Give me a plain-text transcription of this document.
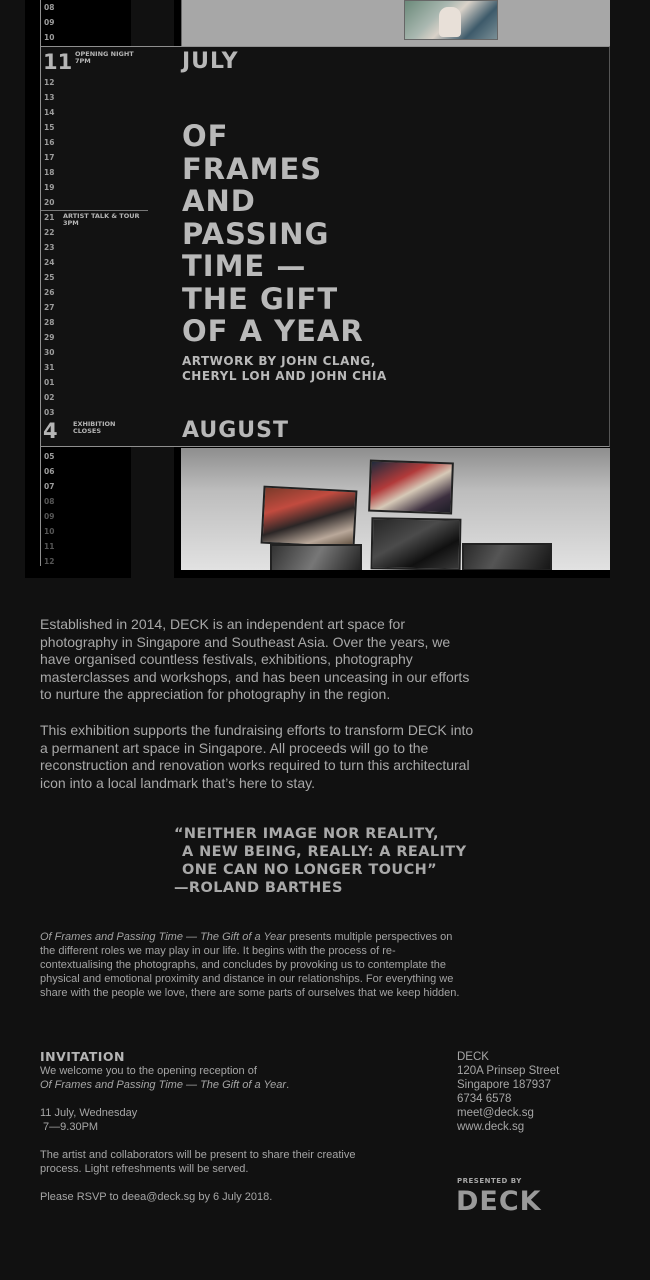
08
09
10
12
13
14
15
16
17
18
19
20
21
22
23
24
25
26
27
28
29
30
31
01
02
03
05
06
07
08
09
10
11
12
11 OPENING NIGHT
7PM
ARTIST TALK & TOUR
3PM
4 EXHIBITION
CLOSES
JULY
OF
FRAMES
AND
PASSING
TIME —
THE GIFT
OF A YEAR
ARTWORK BY JOHN CLANG,
CHERYL LOH AND JOHN CHIA
AUGUST

Established in 2014, DECK is an independent art space for photography in Singapore and Southeast Asia. Over the years, we have organised countless festivals, exhibitions, photography masterclasses and workshops, and has been unceasing in our efforts to nurture the appreciation for photography in the region.

This exhibition supports the fundraising efforts to transform DECK into a permanent art space in Singapore. All proceeds will go to the reconstruction and renovation works required to turn this architectural icon into a local landmark that’s here to stay.

“NEITHER IMAGE NOR REALITY,
A NEW BEING, REALLY: A REALITY
ONE CAN NO LONGER TOUCH”
—ROLAND BARTHES

Of Frames and Passing Time — The Gift of a Year presents multiple perspectives on the different roles we may play in our life. It begins with the process of re-contextualising the photographs, and concludes by provoking us to contemplate the physical and emotional proximity and distance in our relationships. For everything we share with the people we love, there are some parts of ourselves that we keep hidden.

INVITATION
We welcome you to the opening reception of
Of Frames and Passing Time — The Gift of a Year.
11 July, Wednesday
7—9.30PM
The artist and collaborators will be present to share their creative process. Light refreshments will be served.
Please RSVP to deea@deck.sg by 6 July 2018.
DECK
120A Prinsep Street
Singapore 187937
6734 6578
meet@deck.sg
www.deck.sg
PRESENTED BY
DECK
